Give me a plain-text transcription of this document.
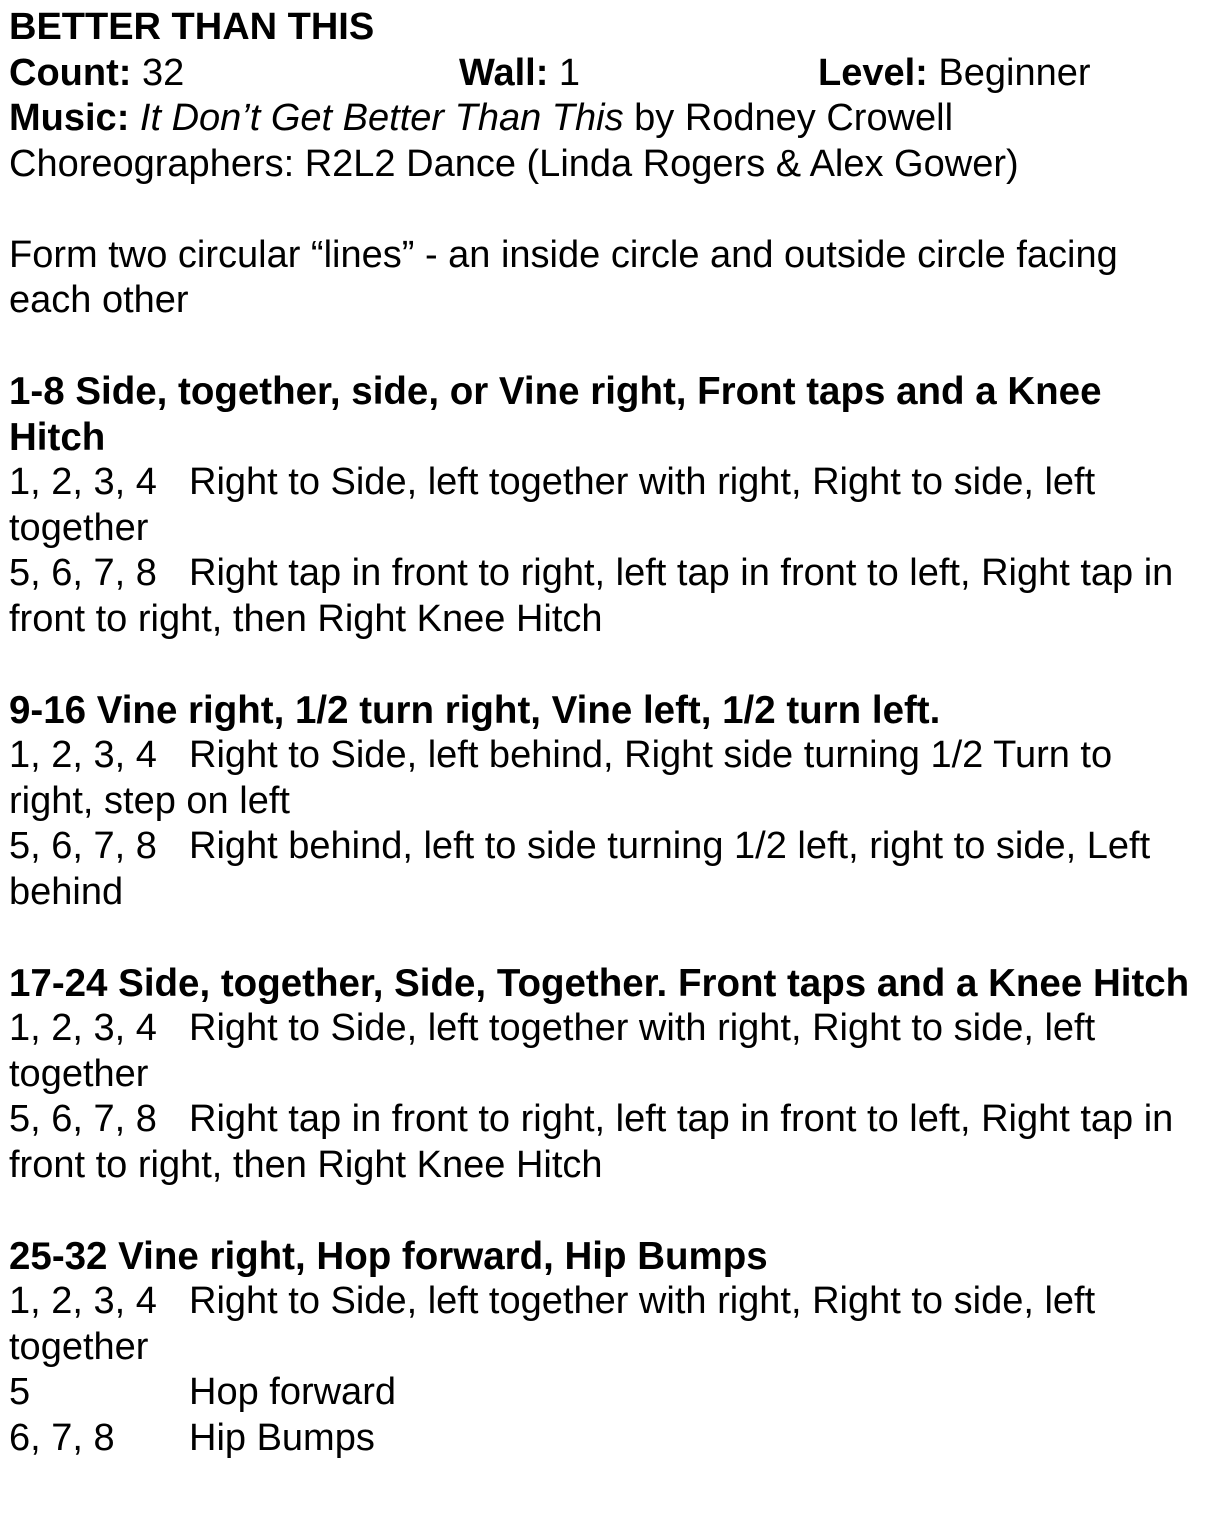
BETTER THAN THIS
Count: 32	Wall: 1	Level: Beginner
Music: It Don’t Get Better Than This by Rodney Crowell
Choreographers: R2L2 Dance (Linda Rogers & Alex Gower)

Form two circular “lines” - an inside circle and outside circle facing each other

1-8 Side, together, side, or Vine right, Front taps and a Knee Hitch

1, 2, 3, 4 Right to Side, left together with right, Right to side, left together

5, 6, 7, 8 Right tap in front to right, left tap in front to left, Right tap in front to right, then Right Knee Hitch

9-16 Vine right, 1/2 turn right, Vine left, 1/2 turn left.

1, 2, 3, 4 Right to Side, left behind, Right side turning 1/2 Turn to right, step on left

5, 6, 7, 8 Right behind, left to side turning 1/2 left, right to side, Left behind

17-24 Side, together, Side, Together. Front taps and a Knee Hitch

1, 2, 3, 4 Right to Side, left together with right, Right to side, left together

5, 6, 7, 8 Right tap in front to right, left tap in front to left, Right tap in front to right, then Right Knee Hitch

25-32 Vine right, Hop forward, Hip Bumps

1, 2, 3, 4 Right to Side, left together with right, Right to side, left together

5	Hop forward

6, 7, 8 Hip Bumps
